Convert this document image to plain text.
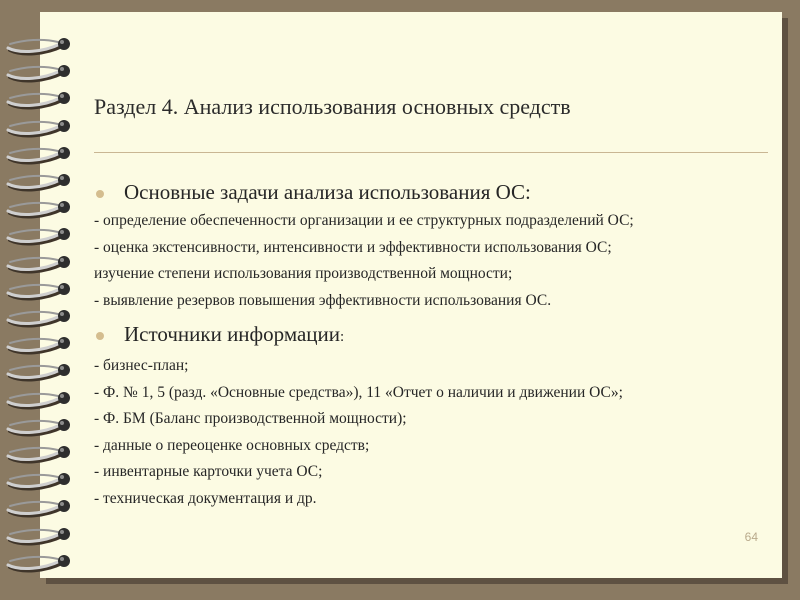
Раздел 4. Анализ использования основных средств
Основные задачи анализа использования ОС:
- определение обеспеченности организации и ее структурных подразделений ОС;
- оценка экстенсивности, интенсивности и эффективности использования ОС;
изучение степени использования производственной мощности;
- выявление резервов повышения эффективности использования ОС.
Источники информации:
- бизнес-план;
- Ф. № 1, 5 (разд. «Основные средства»), 11 «Отчет о наличии и движении ОС»;
- Ф. БМ (Баланс производственной мощности);
- данные о переоценке основных средств;
- инвентарные карточки учета ОС;
- техническая документация и др.
64
